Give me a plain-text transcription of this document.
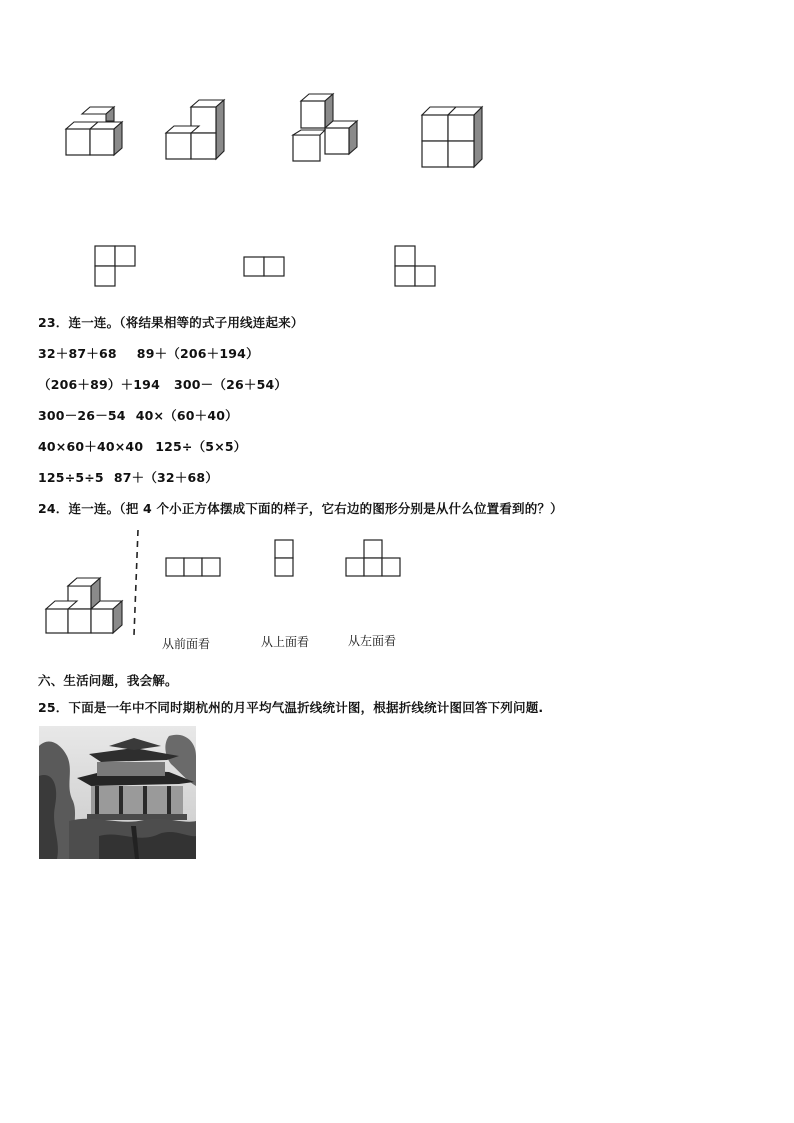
23．连一连。（将结果相等的式子用线连起来）
32＋87＋68 89＋（206＋194）
（206＋89）＋194 300－（26＋54）
300－26－54 40×（60＋40）
40×60＋40×40 125÷（5×5）
125÷5÷5 87＋（32＋68）
24．连一连。（把 4 个小正方体摆成下面的样子，它右边的图形分别是从什么位置看到的？）
从前面看	从上面看	从左面看
六、生活问题，我会解。
25．下面是一年中不同时期杭州的月平均气温折线统计图，根据折线统计图回答下列问题.
